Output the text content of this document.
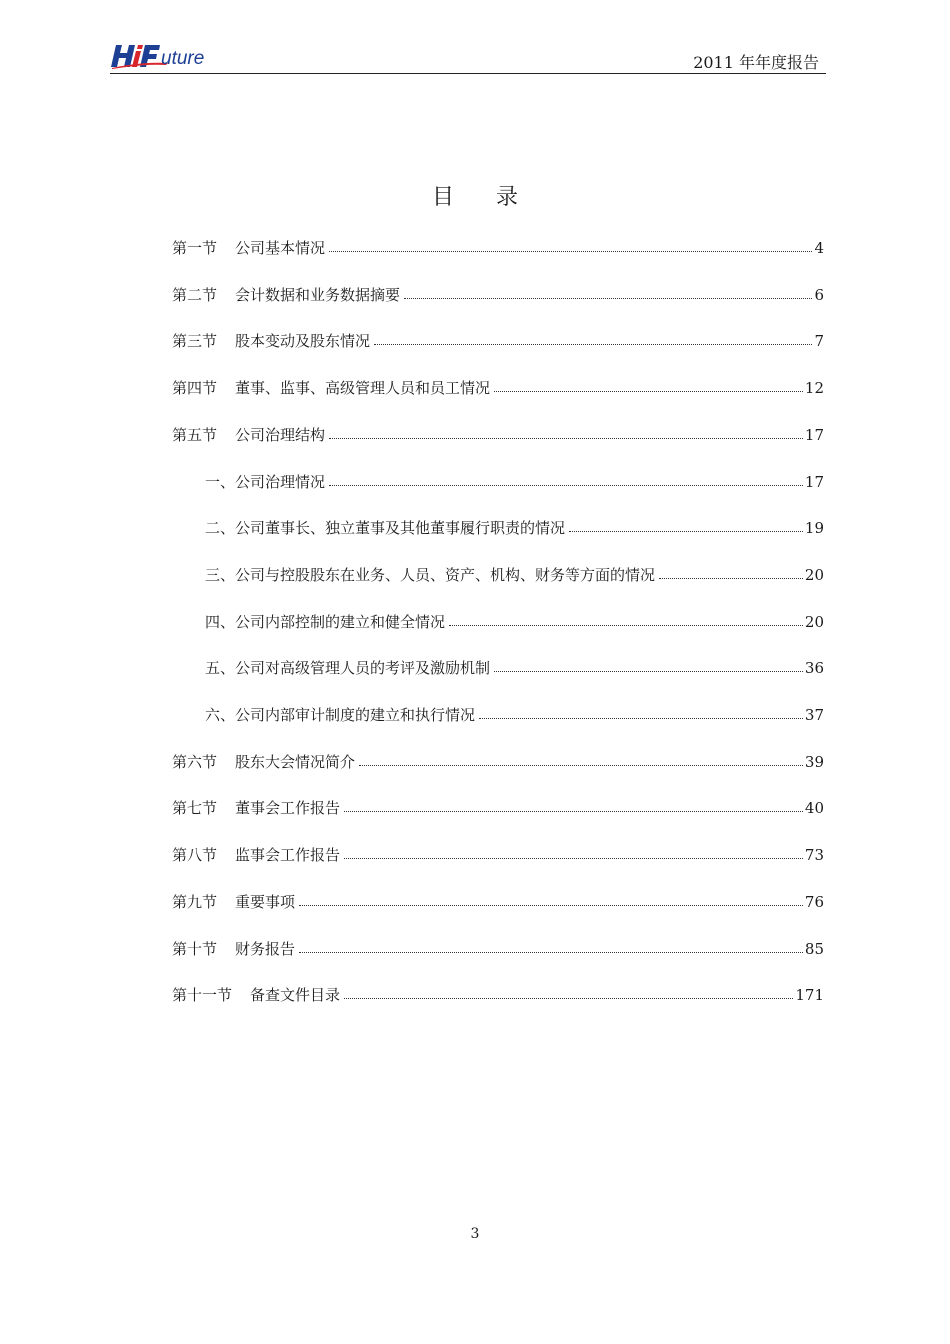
uture	2011 年年度报告
目 录
第一节 公司基本情况	4
第二节 会计数据和业务数据摘要	6
第三节 股本变动及股东情况	7
第四节 董事、监事、高级管理人员和员工情况	12
第五节 公司治理结构	17
一、公司治理情况	17
二、公司董事长、独立董事及其他董事履行职责的情况	19
三、公司与控股股东在业务、人员、资产、机构、财务等方面的情况	20
四、公司内部控制的建立和健全情况	20
五、公司对高级管理人员的考评及激励机制	36
六、公司内部审计制度的建立和执行情况	37
第六节 股东大会情况简介	39
第七节 董事会工作报告	40
第八节 监事会工作报告	73
第九节 重要事项	76
第十节 财务报告	85
第十一节 备查文件目录	171
3
